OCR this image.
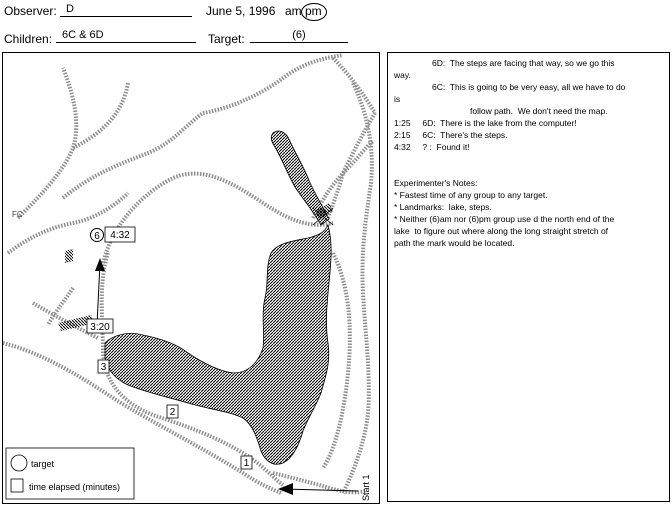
Observer: D	June 5, 1996 am pm
Children: 6C & 6D	Target:	(6)
6 4:32
3:20
3
2
1
Start 1
FC
target
time elapsed (minutes)
6D:  The steps are facing that way, so we go this
way.
6C:  This is going to be very easy, all we have to do
is
follow path.  We don't need the map.
1:25     6D:  There is the lake from the computer!
2:15     6C:  There's the steps.
4:32     ? :  Found it!
Experimenter's Notes:
* Fastest time of any group to any target.
* Landmarks:  lake, steps.
* Neither (6)am nor (6)pm group use d the north end of the
lake  to figure out where along the long straight stretch of
path the mark would be located.
